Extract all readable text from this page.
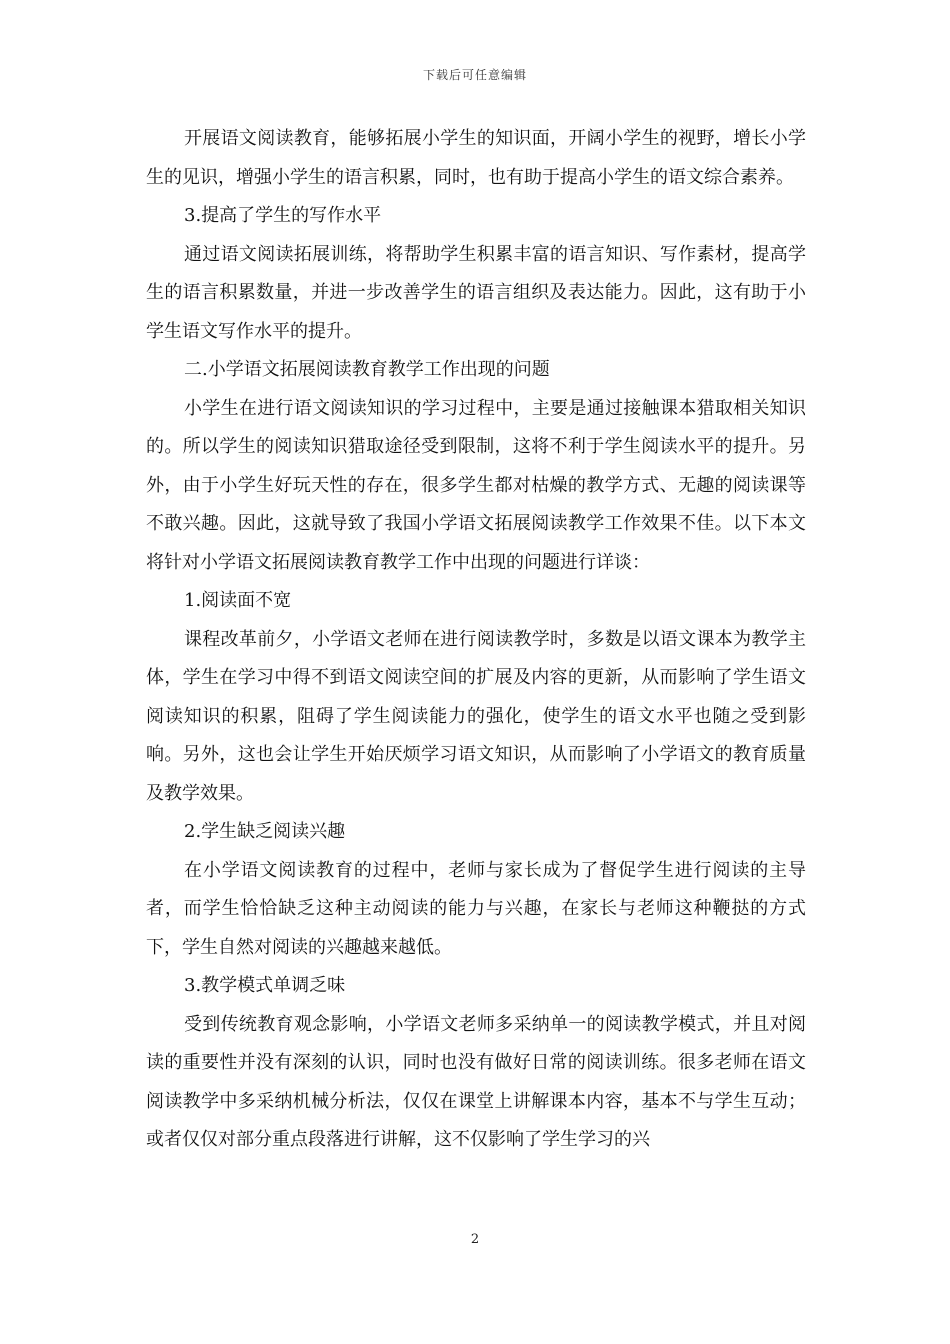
下载后可任意编辑

开展语文阅读教育，能够拓展小学生的知识面，开阔小学生的视野，增长小学生的见识，增强小学生的语言积累，同时，也有助于提高小学生的语文综合素养。

3.提高了学生的写作水平

通过语文阅读拓展训练，将帮助学生积累丰富的语言知识、写作素材，提高学生的语言积累数量，并进一步改善学生的语言组织及表达能力。因此，这有助于小学生语文写作水平的提升。

二.小学语文拓展阅读教育教学工作出现的问题

小学生在进行语文阅读知识的学习过程中，主要是通过接触课本猎取相关知识的。所以学生的阅读知识猎取途径受到限制，这将不利于学生阅读水平的提升。另外，由于小学生好玩天性的存在，很多学生都对枯燥的教学方式、无趣的阅读课等不敢兴趣。因此，这就导致了我国小学语文拓展阅读教学工作效果不佳。以下本文将针对小学语文拓展阅读教育教学工作中出现的问题进行详谈：

1.阅读面不宽

课程改革前夕，小学语文老师在进行阅读教学时，多数是以语文课本为教学主体，学生在学习中得不到语文阅读空间的扩展及内容的更新，从而影响了学生语文阅读知识的积累，阻碍了学生阅读能力的强化，使学生的语文水平也随之受到影响。另外，这也会让学生开始厌烦学习语文知识，从而影响了小学语文的教育质量及教学效果。

2.学生缺乏阅读兴趣

在小学语文阅读教育的过程中，老师与家长成为了督促学生进行阅读的主导者，而学生恰恰缺乏这种主动阅读的能力与兴趣，在家长与老师这种鞭挞的方式下，学生自然对阅读的兴趣越来越低。

3.教学模式单调乏味

受到传统教育观念影响，小学语文老师多采纳单一的阅读教学模式，并且对阅读的重要性并没有深刻的认识，同时也没有做好日常的阅读训练。很多老师在语文阅读教学中多采纳机械分析法，仅仅在课堂上讲解课本内容，基本不与学生互动；或者仅仅对部分重点段落进行讲解，这不仅影响了学生学习的兴

2
